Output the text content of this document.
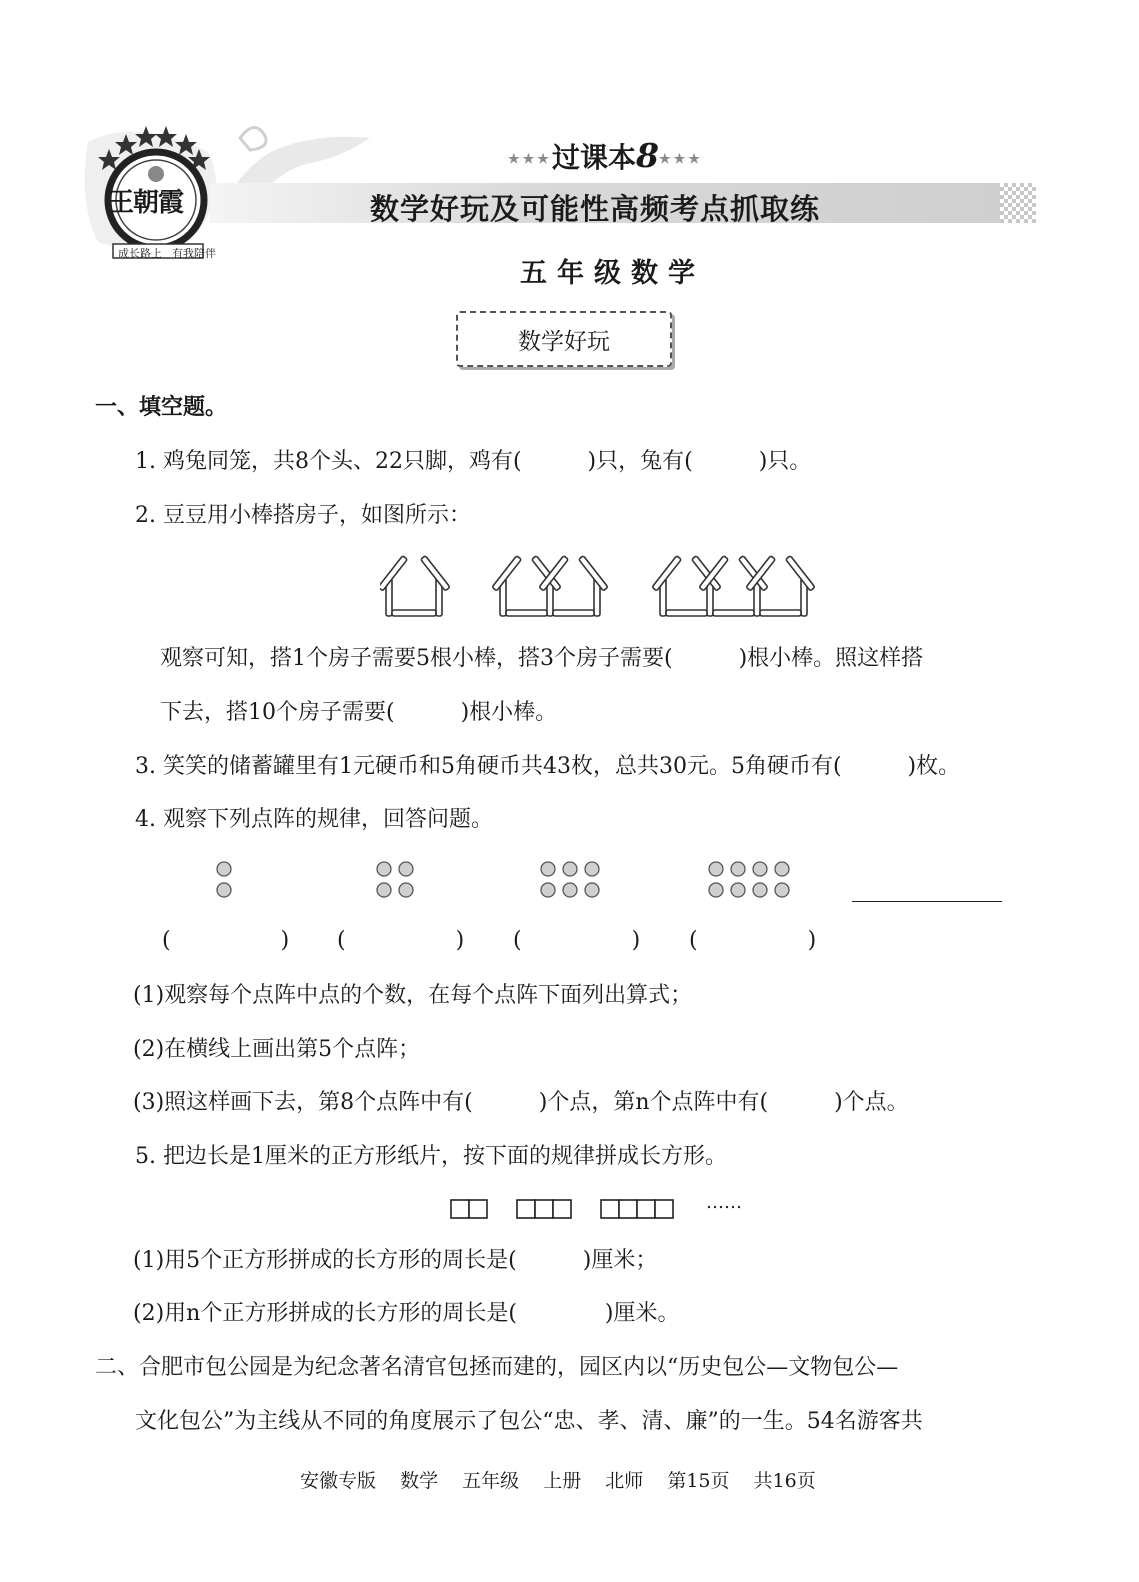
王朝霞
成长路上 有我陪伴
★★★过课本8★★★
数学好玩及可能性高频考点抓取练
五年级数学
数学好玩
一、填空题。
1. 鸡兔同笼，共8个头、22只脚，鸡有(　　　)只，兔有(　　　)只。
2. 豆豆用小棒搭房子，如图所示：
观察可知，搭1个房子需要5根小棒，搭3个房子需要(　　　)根小棒。照这样搭
下去，搭10个房子需要(　　　)根小棒。
3. 笑笑的储蓄罐里有1元硬币和5角硬币共43枚，总共30元。5角硬币有(　　　)枚。
4. 观察下列点阵的规律，回答问题。
(　　　　　) (　　　　　) (　　　　　) (　　　　　)
(1)观察每个点阵中点的个数，在每个点阵下面列出算式；
(2)在横线上画出第5个点阵；
(3)照这样画下去，第8个点阵中有(　　　)个点，第n个点阵中有(　　　)个点。
5. 把边长是1厘米的正方形纸片，按下面的规律拼成长方形。
……
(1)用5个正方形拼成的长方形的周长是(　　　)厘米；
(2)用n个正方形拼成的长方形的周长是(　　　　)厘米。
二、合肥市包公园是为纪念著名清官包拯而建的，园区内以“历史包公—文物包公—
文化包公”为主线从不同的角度展示了包公“忠、孝、清、廉”的一生。54名游客共
安徽专版 数学 五年级 上册 北师 第15页 共16页
